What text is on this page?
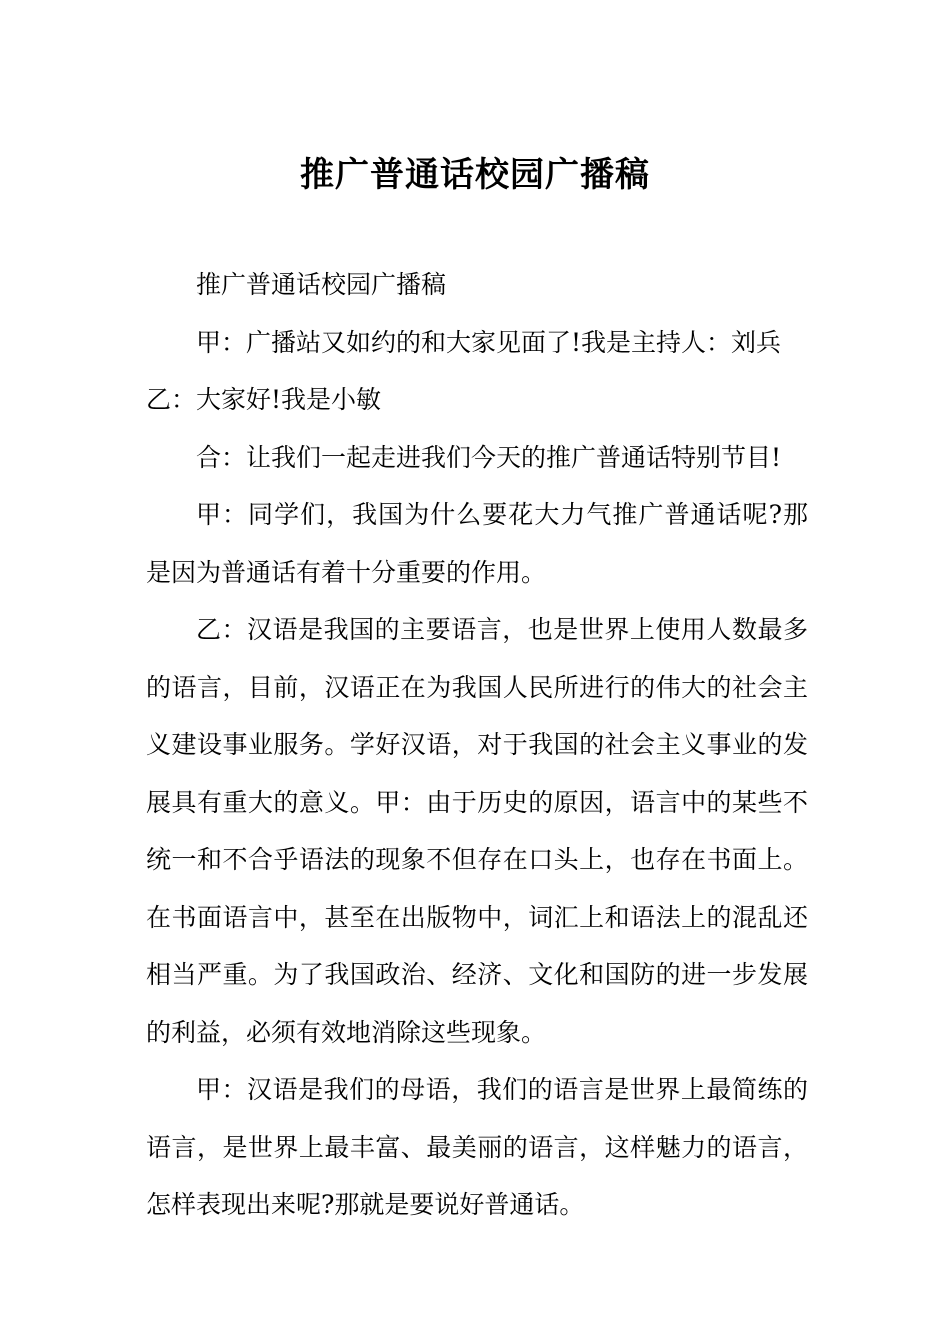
推广普通话校园广播稿

推广普通话校园广播稿

甲：广播站又如约的和大家见面了!我是主持人：刘兵

乙：大家好!我是小敏

合：让我们一起走进我们今天的推广普通话特别节目!

甲：同学们，我国为什么要花大力气推广普通话呢?那是因为普通话有着十分重要的作用。

乙：汉语是我国的主要语言，也是世界上使用人数最多的语言，目前，汉语正在为我国人民所进行的伟大的社会主义建设事业服务。学好汉语，对于我国的社会主义事业的发展具有重大的意义。甲：由于历史的原因，语言中的某些不统一和不合乎语法的现象不但存在口头上，也存在书面上。在书面语言中，甚至在出版物中，词汇上和语法上的混乱还相当严重。为了我国政治、经济、文化和国防的进一步发展的利益，必须有效地消除这些现象。

甲：汉语是我们的母语，我们的语言是世界上最简练的语言，是世界上最丰富、最美丽的语言，这样魅力的语言，怎样表现出来呢?那就是要说好普通话。
